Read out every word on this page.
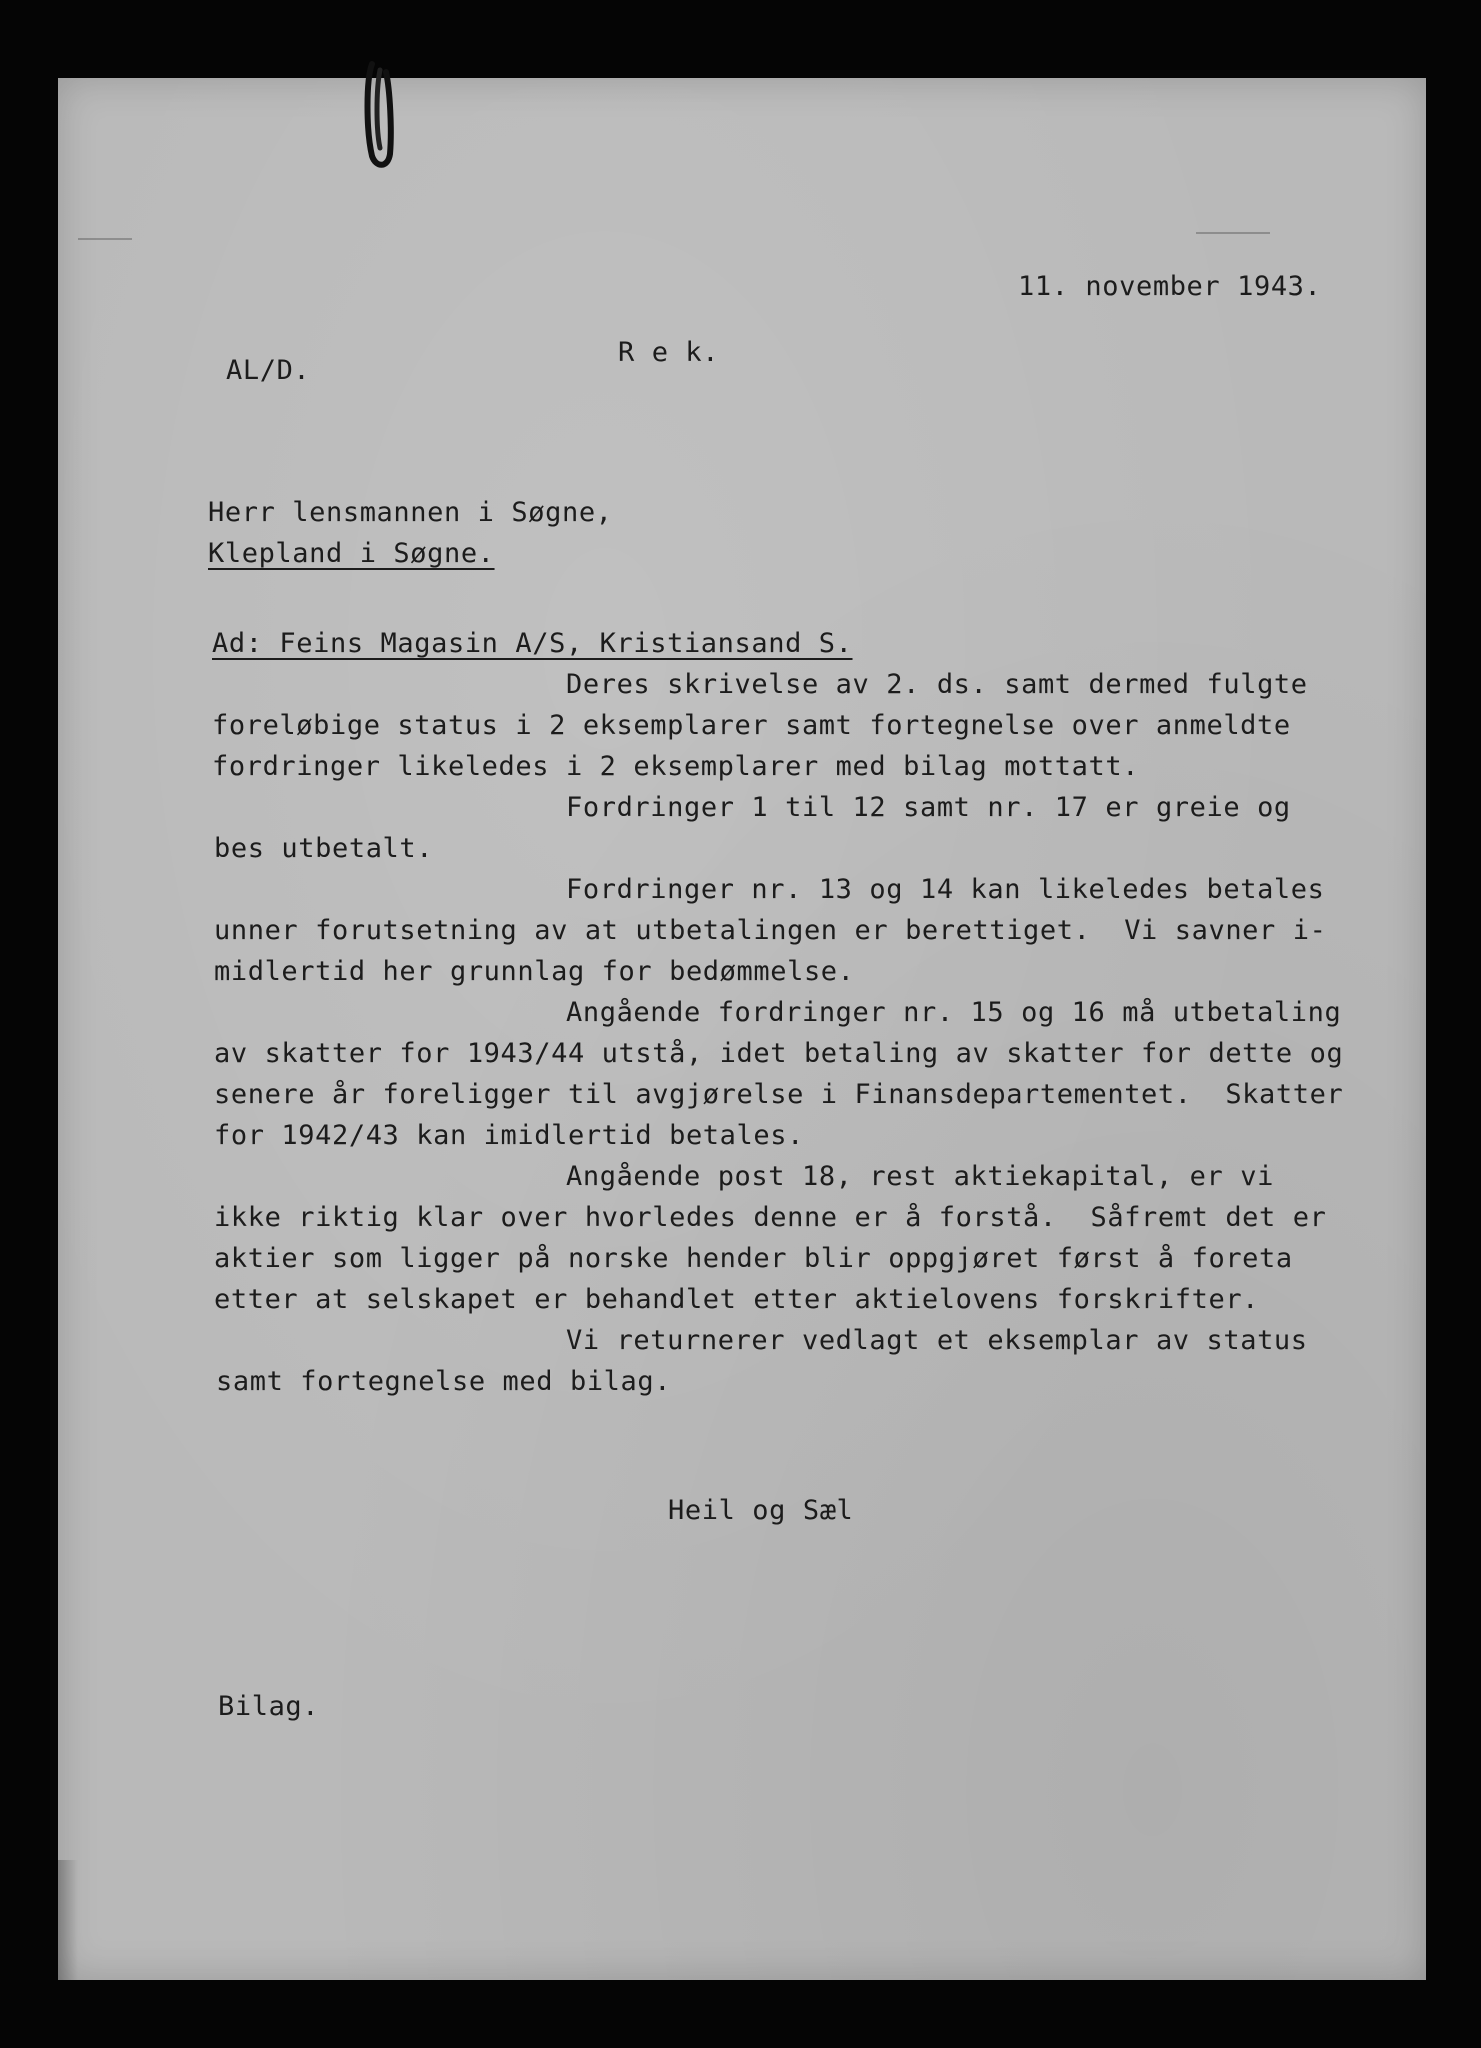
11. november 1943.
AL/D.
R e k.
Herr lensmannen i Søgne,
Klepland i Søgne.
Ad: Feins Magasin A/S, Kristiansand S.
Deres skrivelse av 2. ds. samt dermed fulgte
foreløbige status i 2 eksemplarer samt fortegnelse over anmeldte
fordringer likeledes i 2 eksemplarer med bilag mottatt.
Fordringer 1 til 12 samt nr. 17 er greie og
bes utbetalt.
Fordringer nr. 13 og 14 kan likeledes betales
unner forutsetning av at utbetalingen er berettiget.  Vi savner i-
midlertid her grunnlag for bedømmelse.
Angående fordringer nr. 15 og 16 må utbetaling
av skatter for 1943/44 utstå, idet betaling av skatter for dette og
senere år foreligger til avgjørelse i Finansdepartementet.  Skatter
for 1942/43 kan imidlertid betales.
Angående post 18, rest aktiekapital, er vi
ikke riktig klar over hvorledes denne er å forstå.  Såfremt det er
aktier som ligger på norske hender blir oppgjøret først å foreta
etter at selskapet er behandlet etter aktielovens forskrifter.
Vi returnerer vedlagt et eksemplar av status
samt fortegnelse med bilag.
Heil og Sæl
Bilag.
